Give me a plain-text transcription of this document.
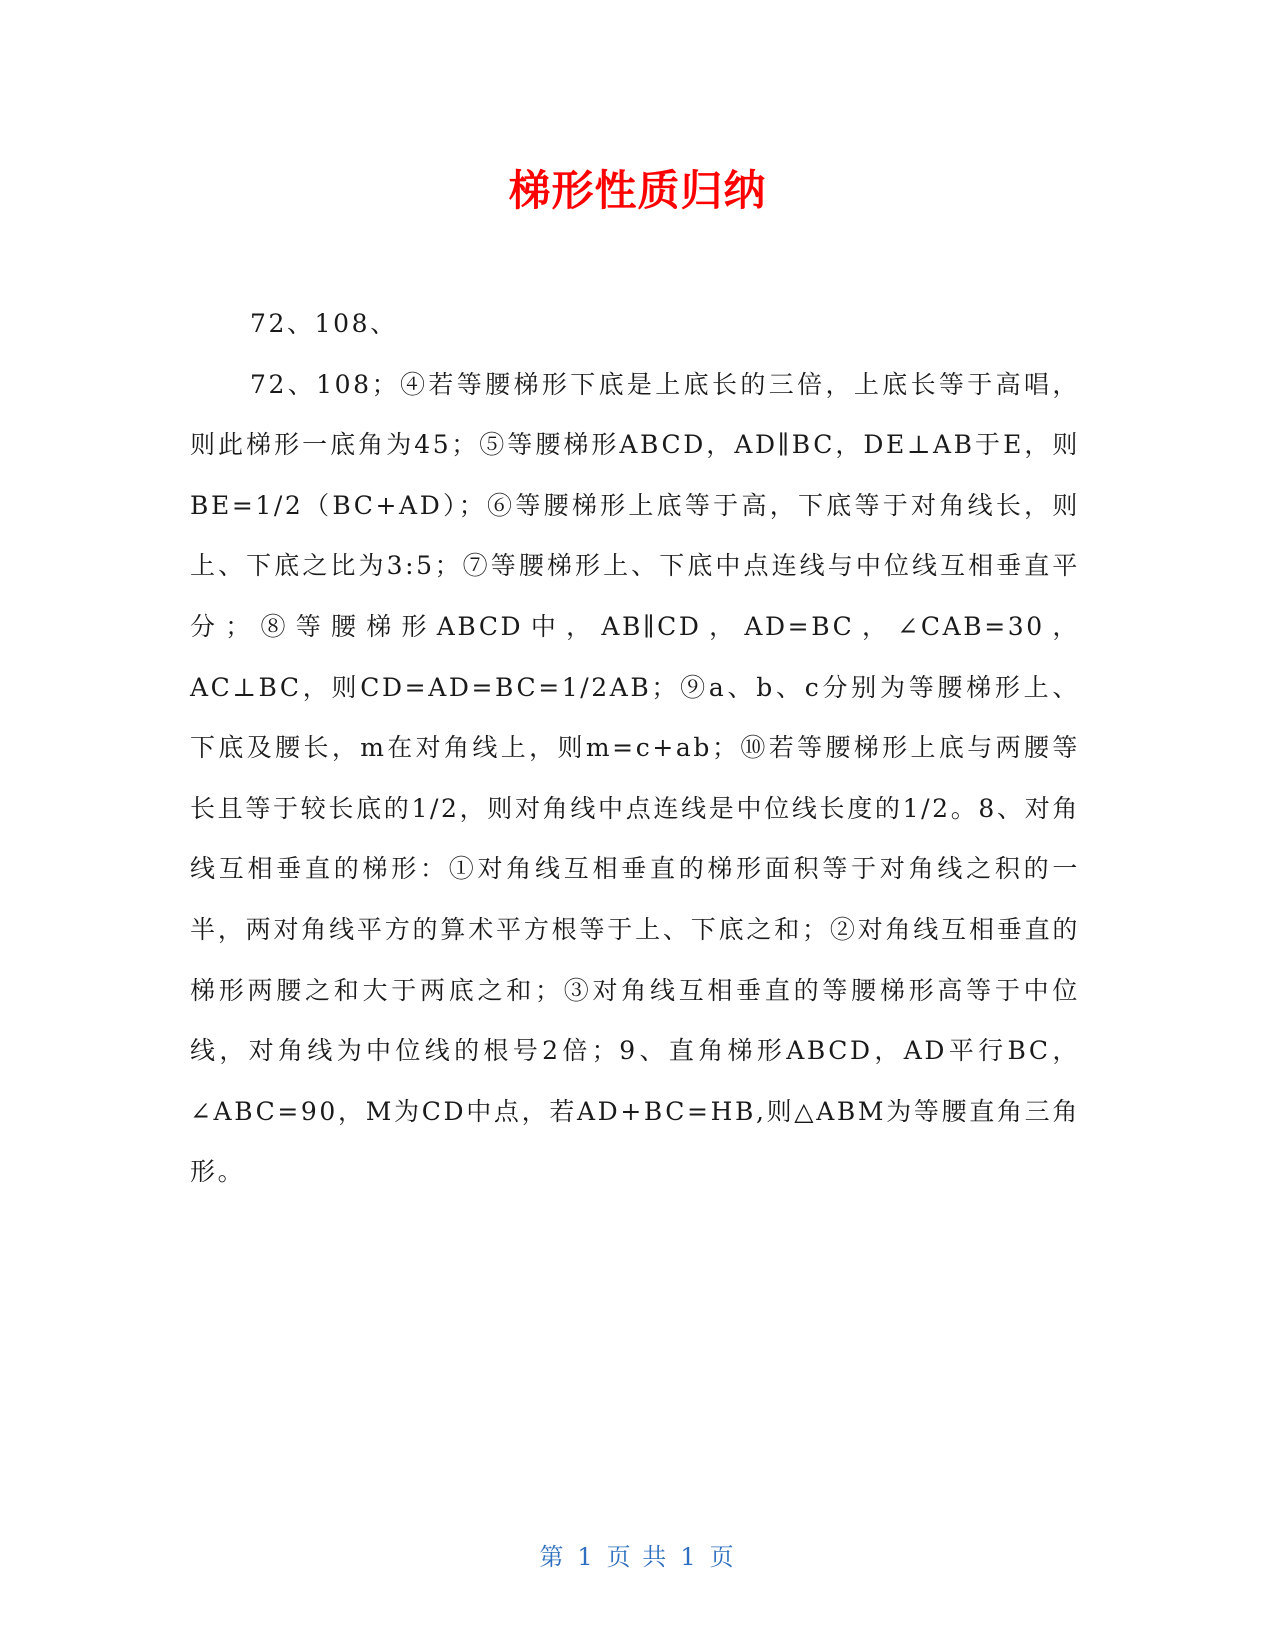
梯形性质归纳

72、108、

72、108；④若等腰梯形下底是上底长的三倍，上底长等于高唱，则此梯形一底角为45；⑤等腰梯形ABCD，AD∥BC，DE⊥AB于E，则BE=1/2（BC+AD）；⑥等腰梯形上底等于高，下底等于对角线长，则上、下底之比为3:5；⑦等腰梯形上、下底中点连线与中位线互相垂直平分；⑧等腰梯形ABCD中，AB∥CD，AD=BC，∠CAB=30，AC⊥BC，则CD=AD=BC=1/2AB；⑨a、b、c分别为等腰梯形上、下底及腰长，m在对角线上，则m=c+ab；⑩若等腰梯形上底与两腰等长且等于较长底的1/2，则对角线中点连线是中位线长度的1/2。8、对角线互相垂直的梯形：①对角线互相垂直的梯形面积等于对角线之积的一半，两对角线平方的算术平方根等于上、下底之和；②对角线互相垂直的梯形两腰之和大于两底之和；③对角线互相垂直的等腰梯形高等于中位线，对角线为中位线的根号2倍；9、直角梯形ABCD，AD平行BC，∠ABC=90，M为CD中点，若AD+BC=HB,则△ABM为等腰直角三角形。

第 1 页 共 1 页
